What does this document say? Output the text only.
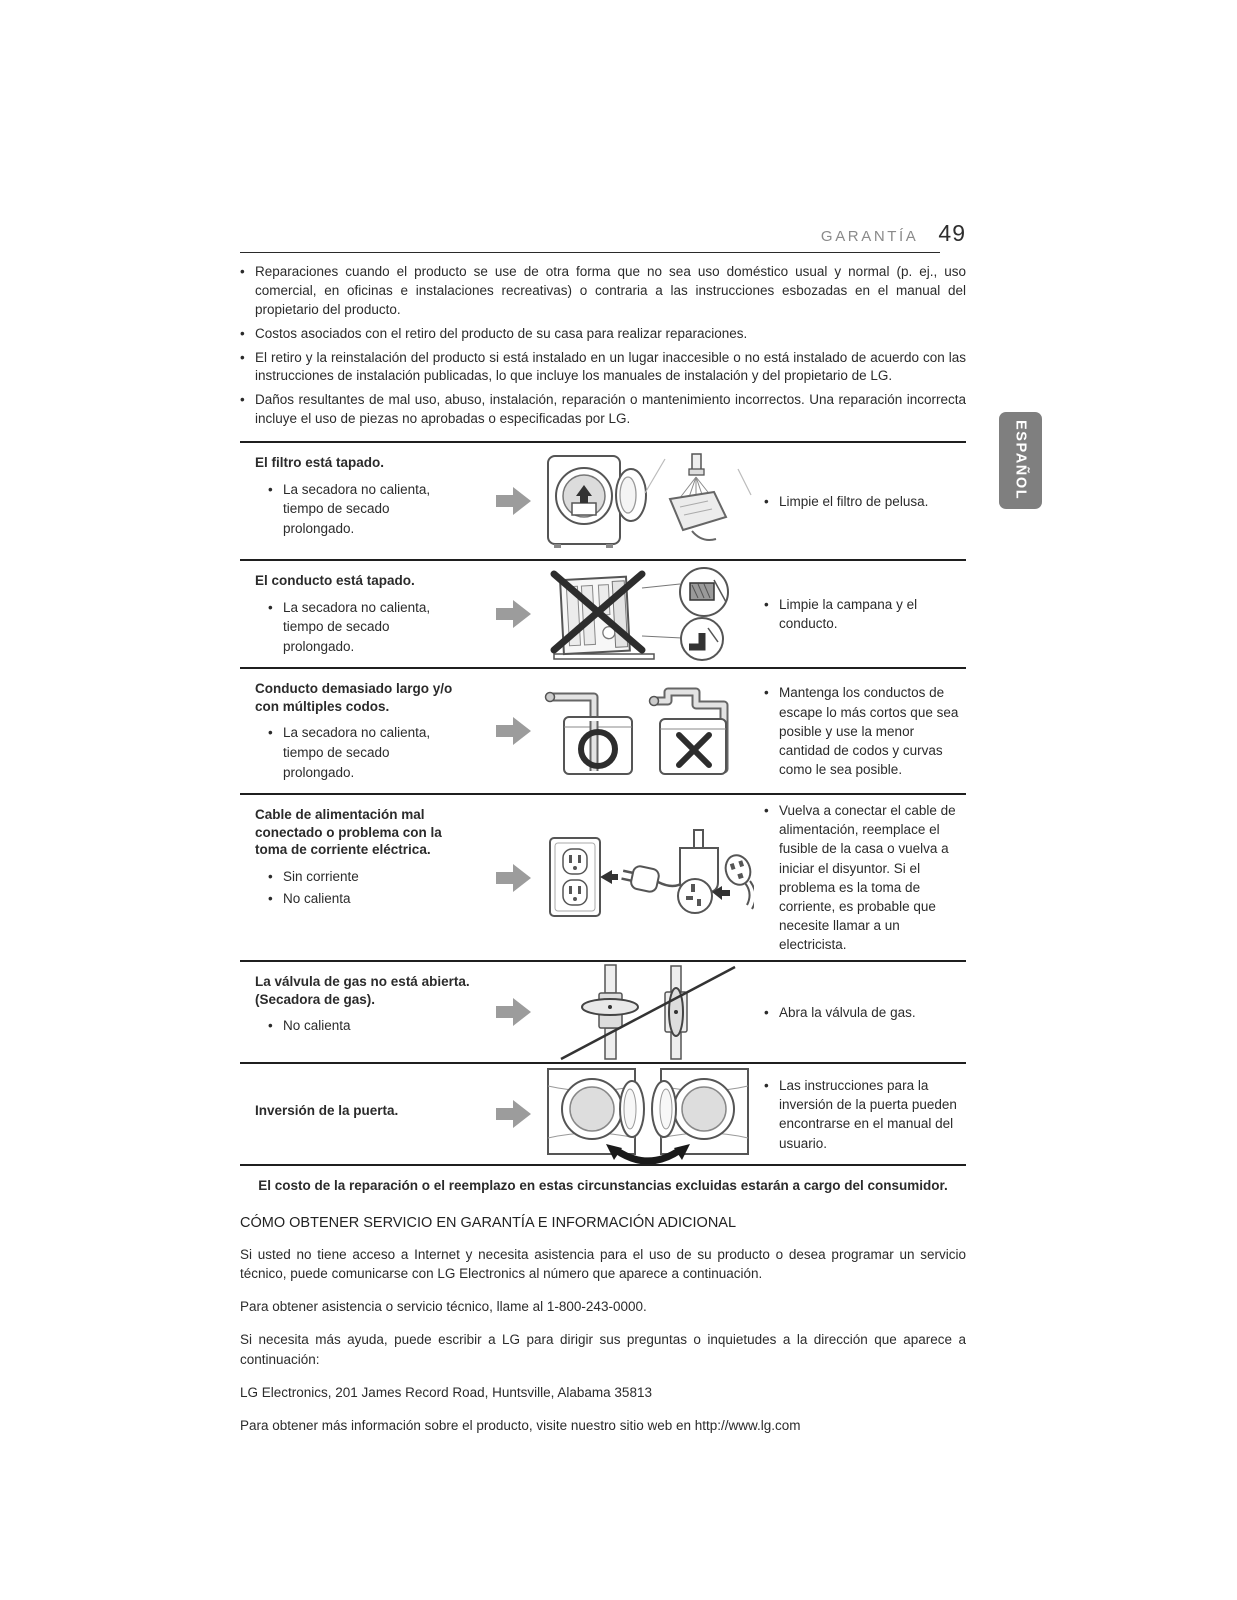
ESPAÑOL
GARANTÍA 49
• Reparaciones cuando el producto se use de otra forma que no sea uso doméstico usual y normal (p. ej., uso comercial, en oficinas e instalaciones recreativas) o contraria a las instrucciones esbozadas en el manual del propietario del producto.
• Costos asociados con el retiro del producto de su casa para realizar reparaciones.
• El retiro y la reinstalación del producto si está instalado en un lugar inaccesible o no está instalado de acuerdo con las instrucciones de instalación publicadas, lo que incluye los manuales de instalación y del propietario de LG.
• Daños resultantes de mal uso, abuso, instalación, reparación o mantenimiento incorrectos. Una reparación incorrecta incluye el uso de piezas no aprobadas o especificadas por LG.
El filtro está tapado.
• La secadora no calienta, tiempo de secado prolongado.
• Limpie el filtro de pelusa.
El conducto está tapado.
• La secadora no calienta, tiempo de secado prolongado.
• Limpie la campana y el conducto.
Conducto demasiado largo y/o con múltiples codos.
• La secadora no calienta, tiempo de secado prolongado.
• Mantenga los conductos de escape lo más cortos que sea posible y use la menor cantidad de codos y curvas como le sea posible.
Cable de alimentación mal conectado o problema con la toma de corriente eléctrica.
• Sin corriente
• No calienta
• Vuelva a conectar el cable de alimentación, reemplace el fusible de la casa o vuelva a iniciar el disyuntor. Si el problema es la toma de corriente, es probable que necesite llamar a un electricista.
La válvula de gas no está abierta. (Secadora de gas).
• No calienta
• Abra la válvula de gas.
Inversión de la puerta.
• Las instrucciones para la inversión de la puerta pueden encontrarse en el manual del usuario.
El costo de la reparación o el reemplazo en estas circunstancias excluidas estarán a cargo del consumidor.
CÓMO OBTENER SERVICIO EN GARANTÍA E INFORMACIÓN ADICIONAL

Si usted no tiene acceso a Internet y necesita asistencia para el uso de su producto o desea programar un servicio técnico, puede comunicarse con LG Electronics al número que aparece a continuación.

Para obtener asistencia o servicio técnico, llame al 1-800-243-0000.

Si necesita más ayuda, puede escribir a LG para dirigir sus preguntas o inquietudes a la dirección que aparece a continuación:

LG Electronics, 201 James Record Road, Huntsville, Alabama 35813

Para obtener más información sobre el producto, visite nuestro sitio web en http://www.lg.com
